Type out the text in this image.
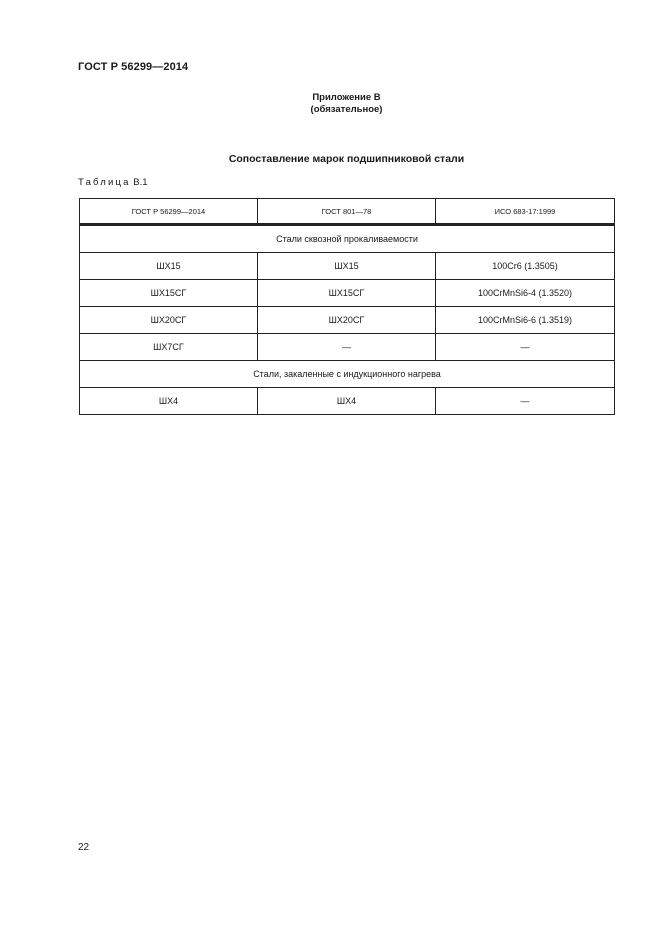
ГОСТ Р 56299—2014
Приложение В
(обязательное)
Сопоставление марок подшипниковой стали
Таблица В.1
ГОСТ Р 56299—2014	ГОСТ 801—78	ИСО 683-17:1999

Стали сквозной прокаливаемости		
ШХ15	ШХ15	100Cr6 (1.3505)
ШХ15СГ	ШХ15СГ	100CrMnSi6-4 (1.3520)
ШХ20СГ	ШХ20СГ	100CrMnSi6-6 (1.3519)
ШХ7СГ	—	—
Стали, закаленные с индукционного нагрева		
ШХ4	ШХ4	—
22
